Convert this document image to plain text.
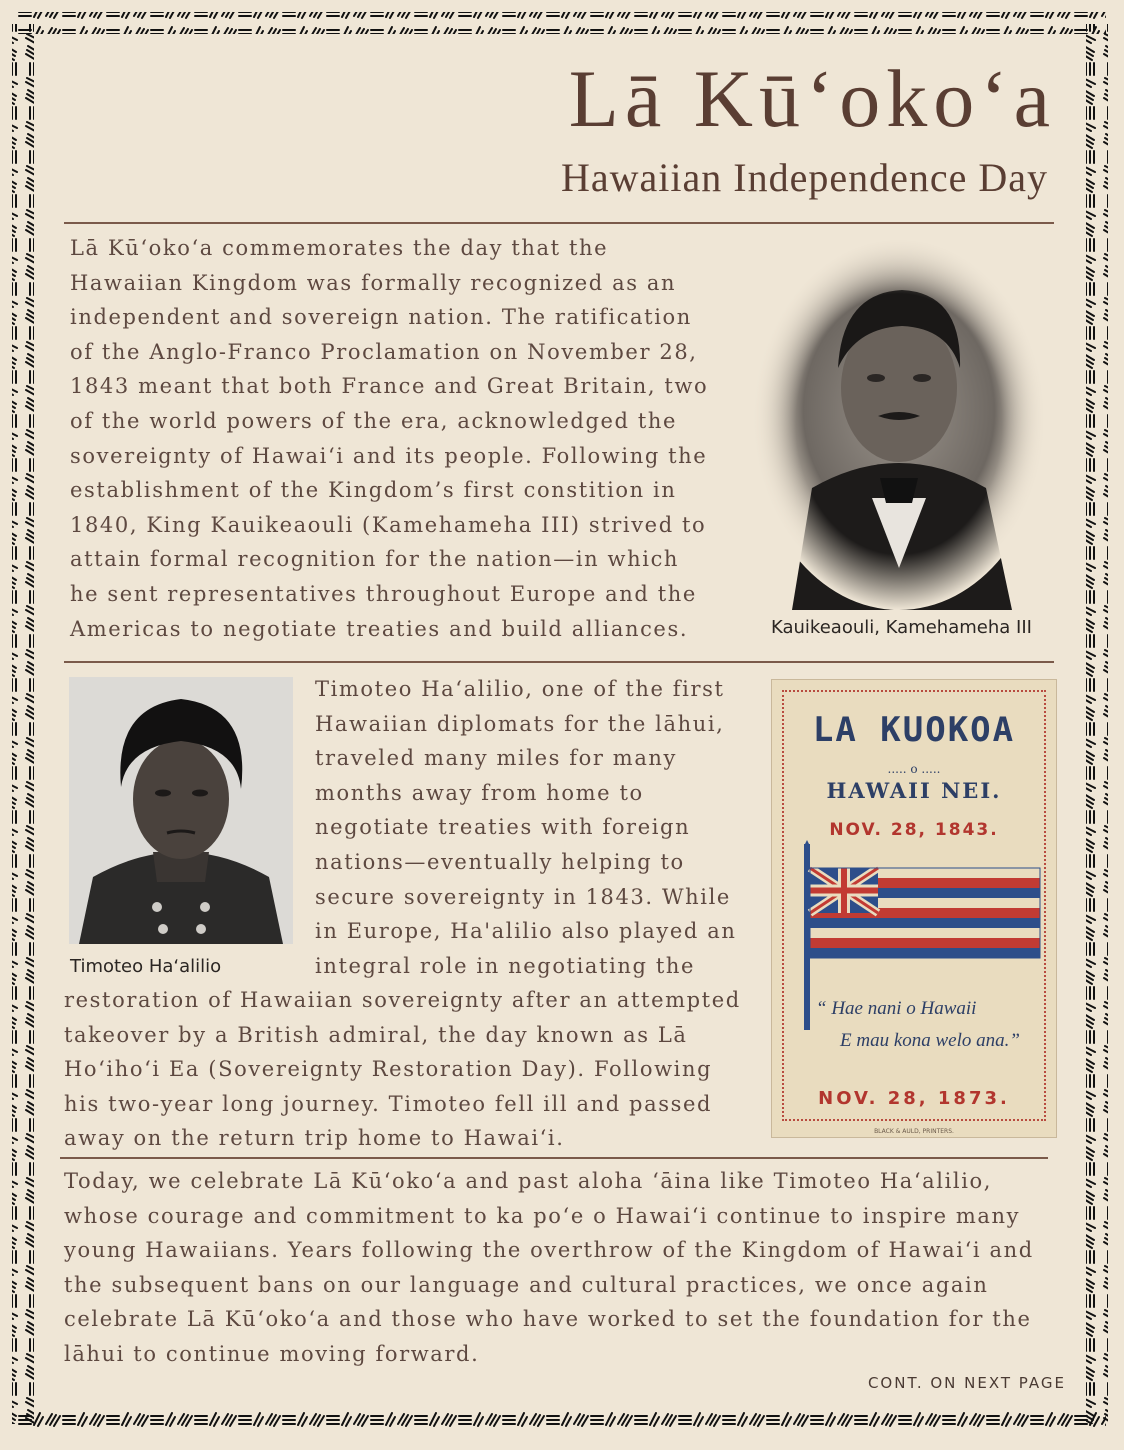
Lā Kūʻokoʻa
Hawaiian Independence Day

Lā Kūʻokoʻa commemorates the day that the
Hawaiian Kingdom was formally recognized as an
independent and sovereign nation. The ratification
of the Anglo-Franco Proclamation on November 28,
1843 meant that both France and Great Britain, two
of the world powers of the era, acknowledged the
sovereignty of Hawaiʻi and its people. Following the
establishment of the Kingdom’s first constition in
1840, King Kauikeaouli (Kamehameha III) strived to
attain formal recognition for the nation—in which
he sent representatives throughout Europe and the
Americas to negotiate treaties and build alliances.	Kauikeaouli, Kamehameha III
Timoteo Haʻalilio

Timoteo Haʻalilio, one of the first
Hawaiian diplomats for the lāhui,
traveled many miles for many
months away from home to
negotiate treaties with foreign
nations—eventually helping to
secure sovereignty in 1843. While
in Europe, Ha'alilio also played an
integral role in negotiating the

restoration of Hawaiian sovereignty after an attempted
takeover by a British admiral, the day known as Lā
Hoʻihoʻi Ea (Sovereignty Restoration Day). Following
his two-year long journey. Timoteo fell ill and passed
away on the return trip home to Hawaiʻi.

LA KUOKOA
..... o .....
HAWAII NEI.
NOV. 28, 1843.
“ Hae nani o Hawaii
E mau kona welo ana.”
NOV. 28, 1873.
BLACK & AULD, PRINTERS.

Today, we celebrate Lā Kūʻokoʻa and past aloha ʻāina like Timoteo Haʻalilio,
whose courage and commitment to ka poʻe o Hawaiʻi continue to inspire many
young Hawaiians. Years following the overthrow of the Kingdom of Hawaiʻi and
the subsequent bans on our language and cultural practices, we once again
celebrate Lā Kūʻokoʻa and those who have worked to set the foundation for the
lāhui to continue moving forward.

CONT. ON NEXT PAGE
